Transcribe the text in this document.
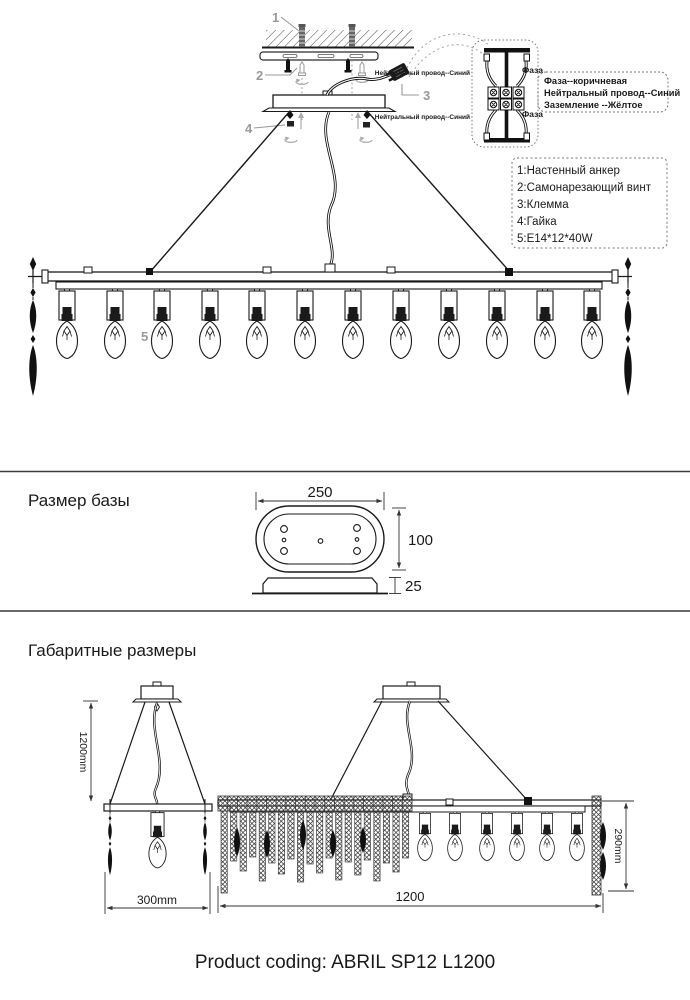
1
2
3
4
5
Нейтральный провод--Синий
Нейтральный провод--Синий
Фаза
Фаза
Фаза--коричневая
Нейтральный провод--Синий
Заземление --Жёлтое
1:Настенный анкер
2:Самонарезающий винт
3:Клемма
4:Гайка
5:E14*12*40W
Размер базы	250
100
25
Габаритные размеры
1200mm
300mm
290mm
1200
Product coding: ABRIL SP12 L1200
